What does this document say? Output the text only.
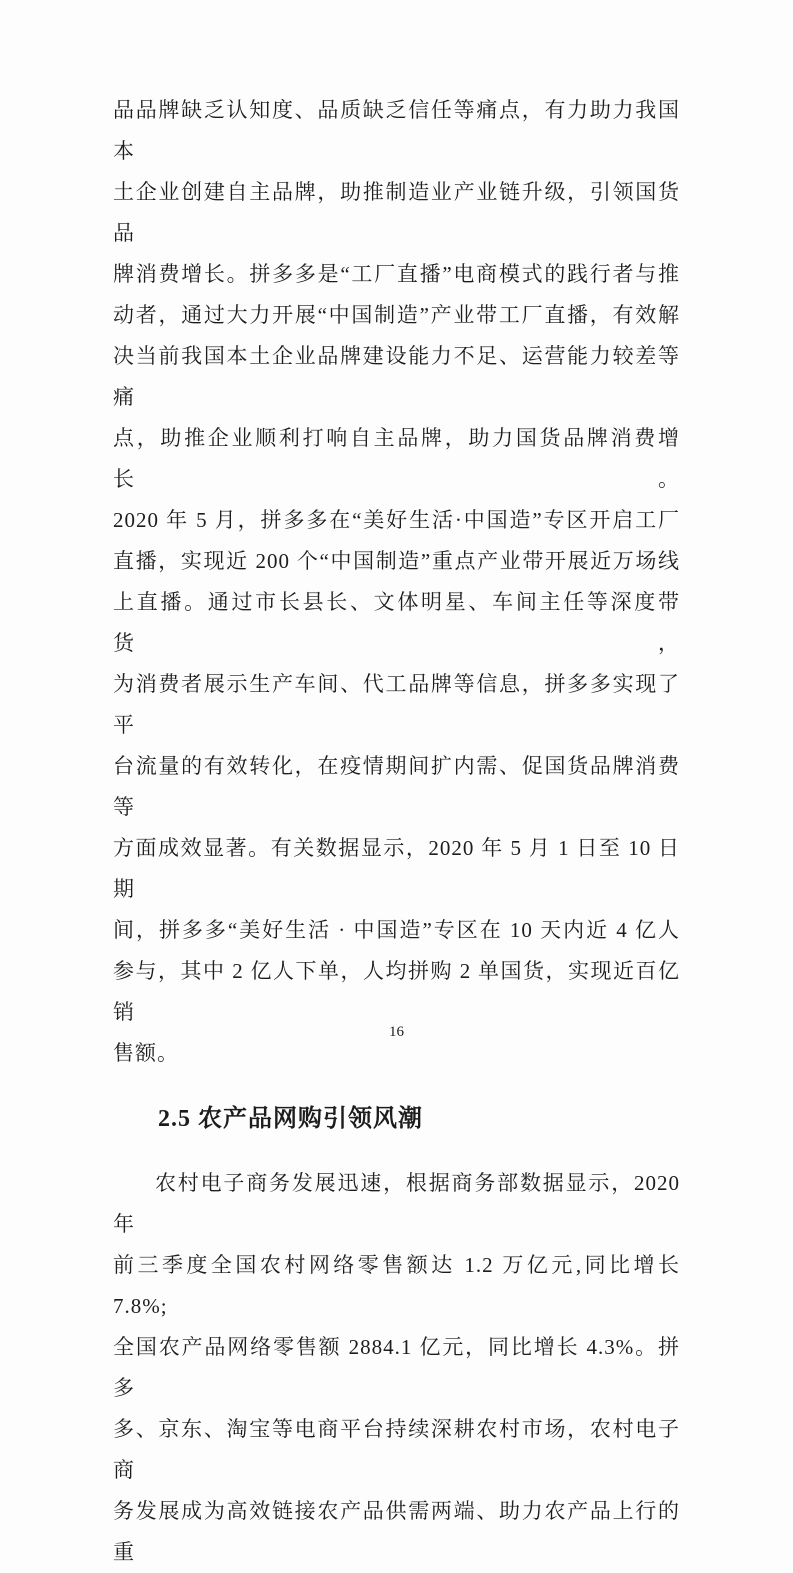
品品牌缺乏认知度、品质缺乏信任等痛点，有力助力我国本
土企业创建自主品牌，助推制造业产业链升级，引领国货品
牌消费增长。拼多多是“工厂直播”电商模式的践行者与推
动者，通过大力开展“中国制造”产业带工厂直播，有效解
决当前我国本土企业品牌建设能力不足、运营能力较差等痛
点，助推企业顺利打响自主品牌，助力国货品牌消费增长。
2020 年 5 月，拼多多在“美好生活·中国造”专区开启工厂
直播，实现近 200 个“中国制造”重点产业带开展近万场线
上直播。通过市长县长、文体明星、车间主任等深度带货，
为消费者展示生产车间、代工品牌等信息，拼多多实现了平
台流量的有效转化，在疫情期间扩内需、促国货品牌消费等
方面成效显著。有关数据显示，2020 年 5 月 1 日至 10 日期
间，拼多多“美好生活 · 中国造”专区在 10 天内近 4 亿人
参与，其中 2 亿人下单，人均拼购 2 单国货，实现近百亿销
售额。
2.5 农产品网购引领风潮
农村电子商务发展迅速，根据商务部数据显示，2020 年
前三季度全国农村网络零售额达 1.2 万亿元,同比增长 7.8%;
全国农产品网络零售额 2884.1 亿元，同比增长 4.3%。拼多
多、京东、淘宝等电商平台持续深耕农村市场，农村电子商
务发展成为高效链接农产品供需两端、助力农产品上行的重
16
